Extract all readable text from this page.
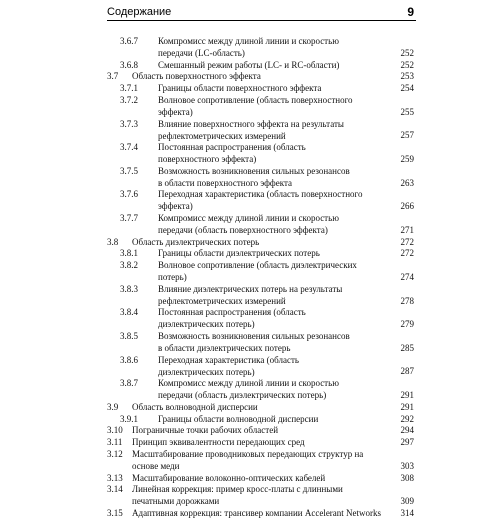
Содержание	9
3.6.7 Компромисс между длиной линии и скоростью
передачи (LC-область)	252
3.6.8 Смешанный режим работы (LC- и RC-области)	252
3.7 Область поверхностного эффекта	253
3.7.1 Границы области поверхностного эффекта	254
3.7.2 Волновое сопротивление (область поверхностного
эффекта)	255
3.7.3 Влияние поверхностного эффекта на результаты
рефлектометрических измерений	257
3.7.4 Постоянная распространения (область
поверхностного эффекта)	259
3.7.5 Возможность возникновения сильных резонансов
в области поверхностного эффекта	263
3.7.6 Переходная характеристика (область поверхностного
эффекта)	266
3.7.7 Компромисс между длиной линии и скоростью
передачи (область поверхностного эффекта)	271
3.8 Область диэлектрических потерь	272
3.8.1 Границы области диэлектрических потерь	272
3.8.2 Волновое сопротивление (область диэлектрических
потерь)	274
3.8.3 Влияние диэлектрических потерь на результаты
рефлектометрических измерений	278
3.8.4 Постоянная распространения (область
диэлектрических потерь)	279
3.8.5 Возможность возникновения сильных резонансов
в области диэлектрических потерь	285
3.8.6 Переходная характеристика (область
диэлектрических потерь)	287
3.8.7 Компромисс между длиной линии и скоростью
передачи (область диэлектрических потерь)	291
3.9 Область волноводной дисперсии	291
3.9.1 Границы области волноводной дисперсии	292
3.10 Пограничные точки рабочих областей	294
3.11 Принцип эквивалентности передающих сред	297
3.12 Масштабирование проводниковых передающих структур на
основе меди	303
3.13 Масштабирование волоконно-оптических кабелей	308
3.14 Линейная коррекция: пример кросс-платы с длинными
печатными дорожками	309
3.15 Адаптивная коррекция: трансивер компании Accelerant Networks	314
